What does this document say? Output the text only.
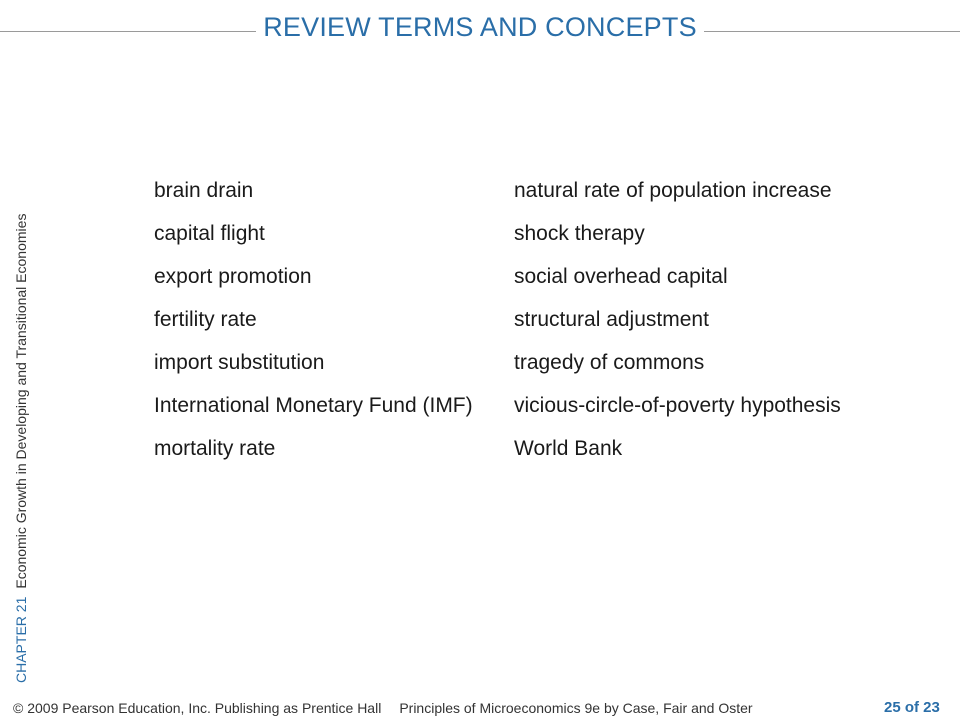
REVIEW TERMS AND CONCEPTS
CHAPTER 21Economic Growth in Developing and Transitional Economies
brain drain
capital flight
export promotion
fertility rate
import substitution
International Monetary Fund (IMF)
mortality rate
natural rate of population increase
shock therapy
social overhead capital
structural adjustment
tragedy of commons
vicious-circle-of-poverty hypothesis
World Bank
© 2009 Pearson Education, Inc. Publishing as Prentice Hall Principles of Microeconomics 9e by Case, Fair and Oster	25 of 23
